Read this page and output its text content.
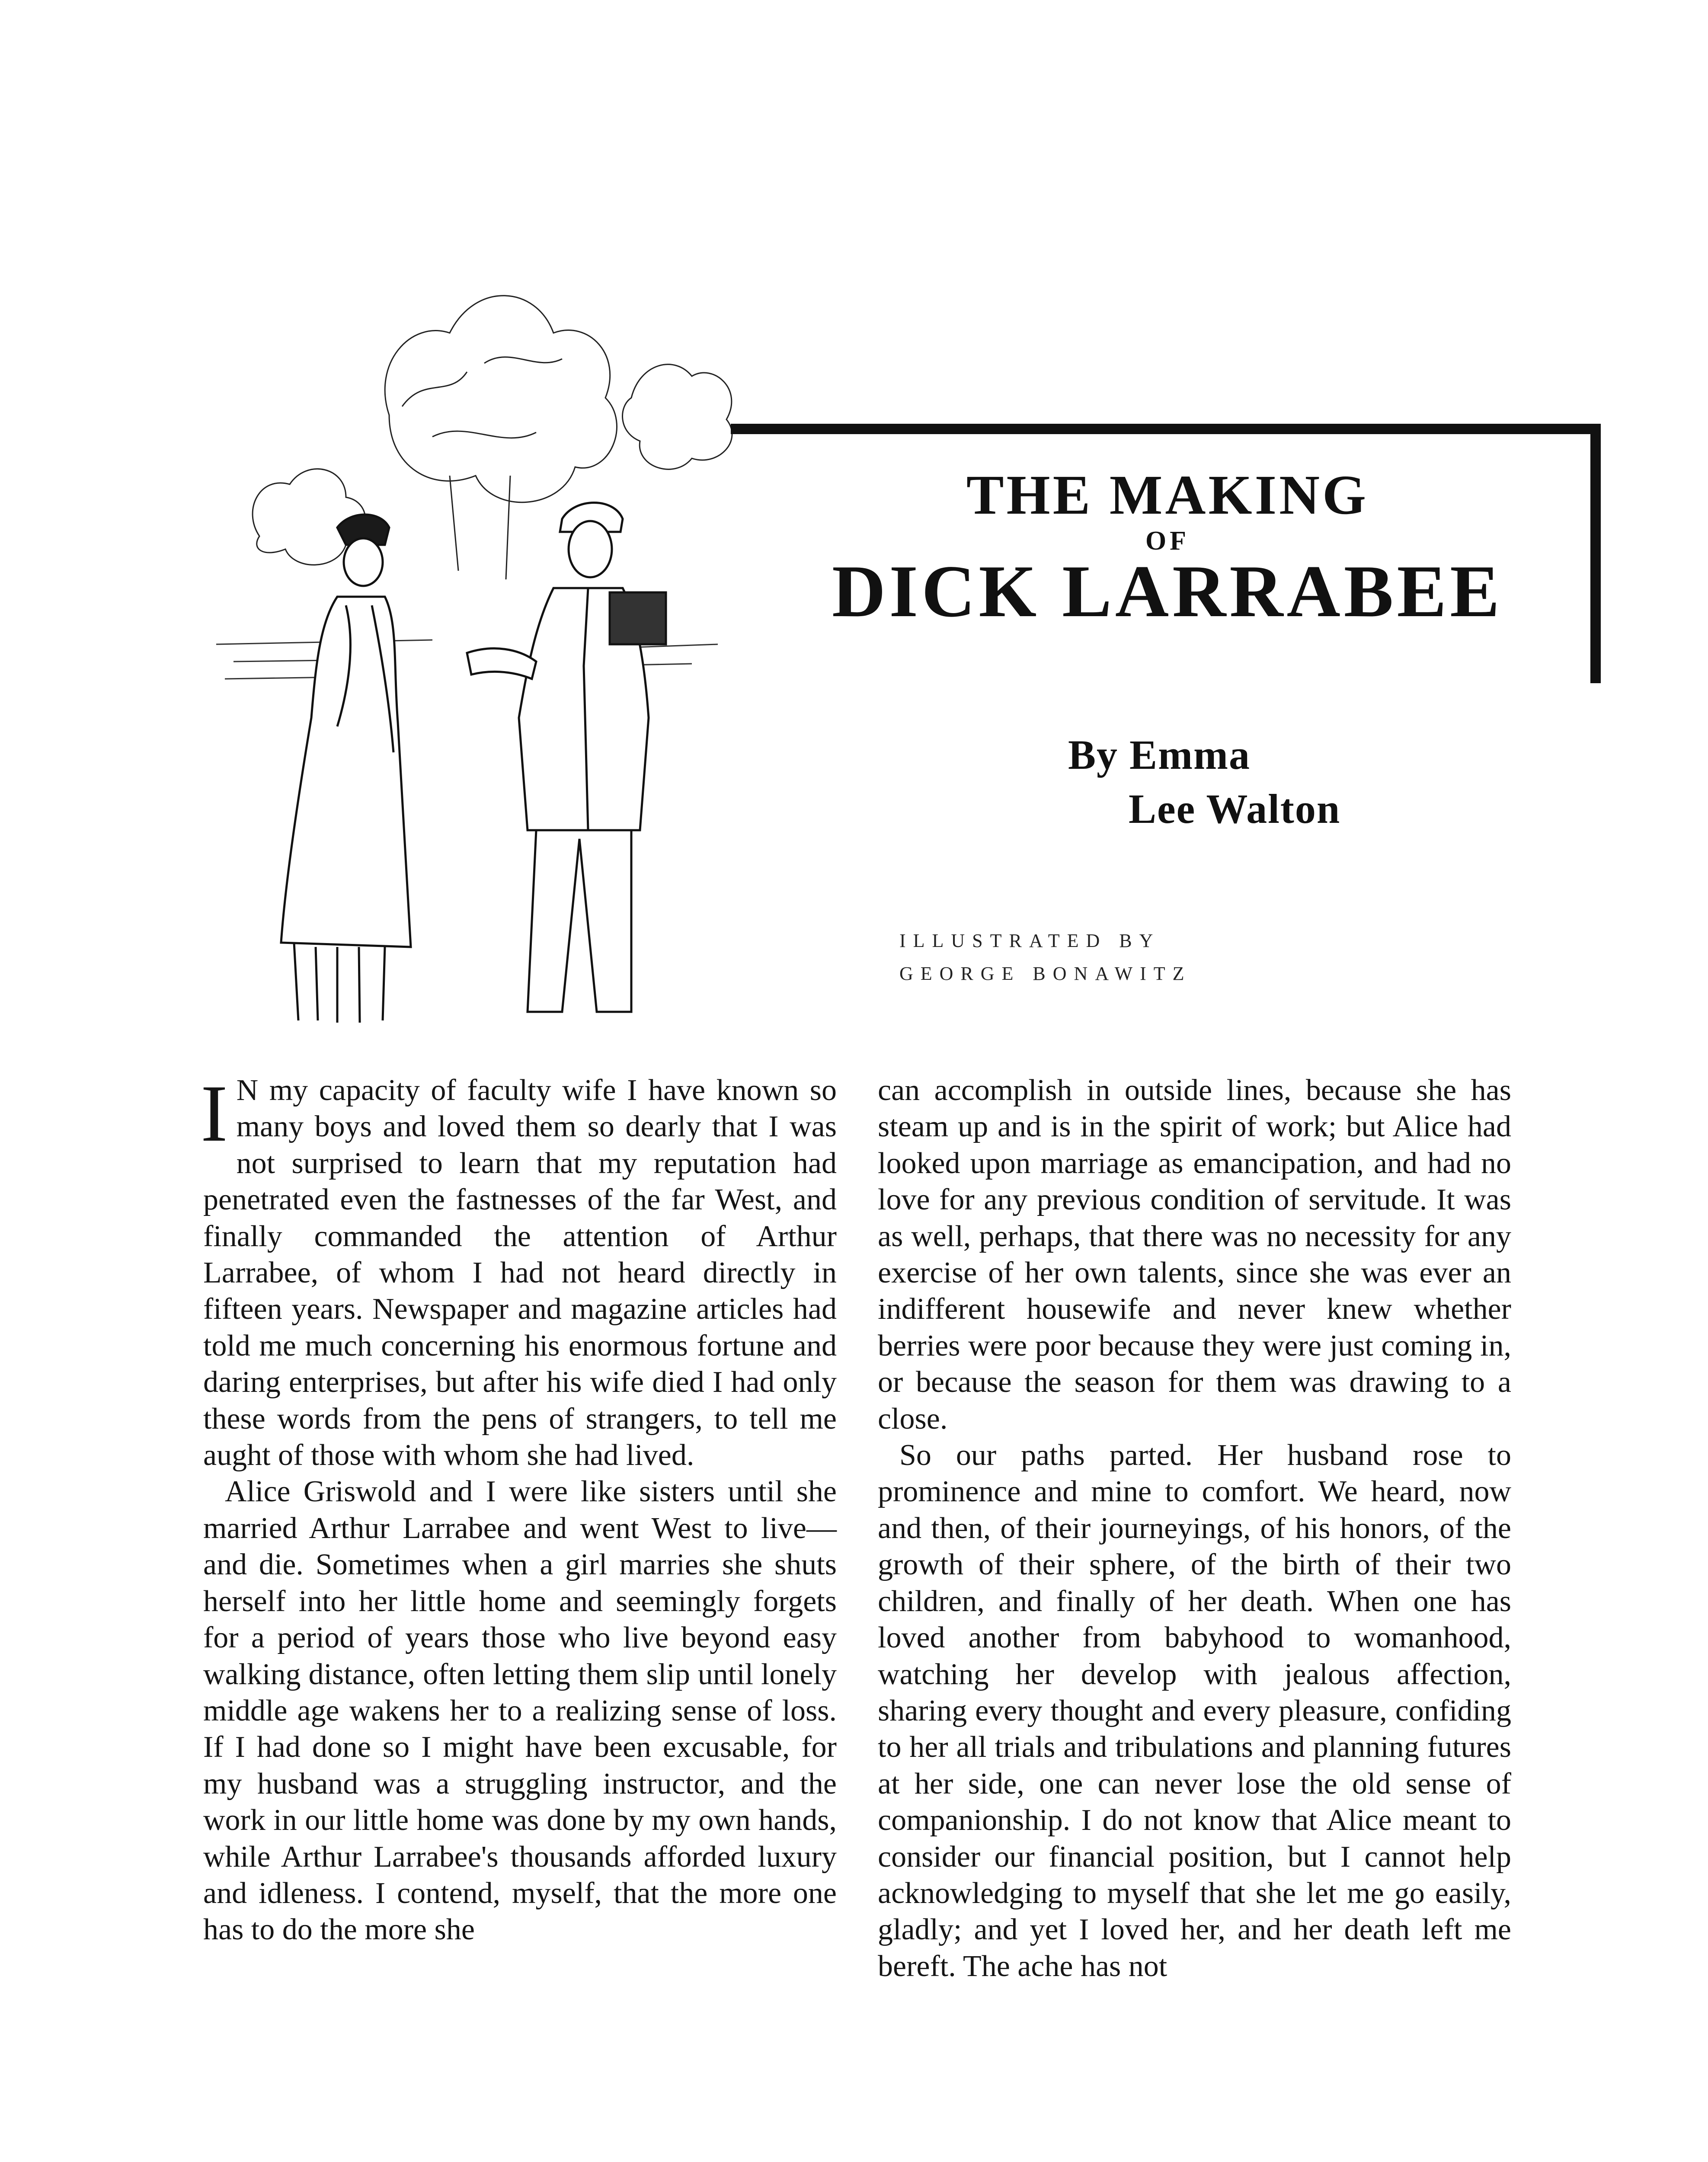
THE MAKING
OF
DICK LARRABEE
By Emma
Lee Walton
ILLUSTRATED BY
GEORGE BONAWITZ

I N my capacity of faculty wife I have known so many boys and loved them so dearly that I was not surprised to learn that my reputation had penetrated even the fastnesses of the far West, and finally commanded the attention of Arthur Larrabee, of whom I had not heard directly in fifteen years. Newspaper and magazine articles had told me much concerning his enormous fortune and daring enterprises, but after his wife died I had only these words from the pens of strangers, to tell me aught of those with whom she had lived.

Alice Griswold and I were like sisters until she married Arthur Larrabee and went West to live—and die. Sometimes when a girl marries she shuts herself into her little home and seemingly forgets for a period of years those who live beyond easy walking distance, often letting them slip until lonely middle age wakens her to a realizing sense of loss. If I had done so I might have been excusable, for my husband was a struggling instructor, and the work in our little home was done by my own hands, while Arthur Larrabee's thousands afforded luxury and idleness. I contend, myself, that the more one has to do the more she

can accomplish in outside lines, because she has steam up and is in the spirit of work; but Alice had looked upon marriage as emancipation, and had no love for any previous condition of servitude. It was as well, perhaps, that there was no necessity for any exercise of her own talents, since she was ever an indifferent housewife and never knew whether berries were poor because they were just coming in, or because the season for them was drawing to a close.

So our paths parted. Her husband rose to prominence and mine to comfort. We heard, now and then, of their journeyings, of his honors, of the growth of their sphere, of the birth of their two children, and finally of her death. When one has loved another from babyhood to womanhood, watching her develop with jealous affection, sharing every thought and every pleasure, confiding to her all trials and tribulations and planning futures at her side, one can never lose the old sense of companionship. I do not know that Alice meant to consider our financial position, but I cannot help acknowledging to myself that she let me go easily, gladly; and yet I loved her, and her death left me bereft. The ache has not
